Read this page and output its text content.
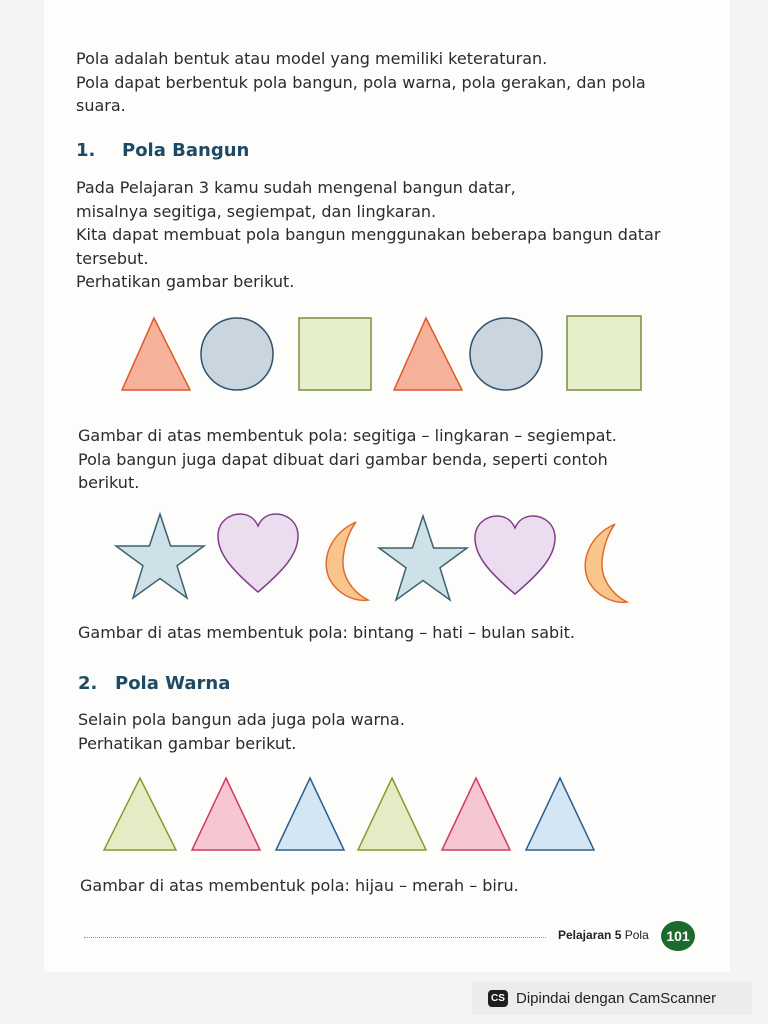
Pola adalah bentuk atau model yang memiliki keteraturan.
Pola dapat berbentuk pola bangun, pola warna, pola gerakan, dan pola
suara.

1. Pola Bangun

Pada Pelajaran 3 kamu sudah mengenal bangun datar,
misalnya segitiga, segiempat, dan lingkaran.
Kita dapat membuat pola bangun menggunakan beberapa bangun datar
tersebut.
Perhatikan gambar berikut.

Gambar di atas membentuk pola: segitiga – lingkaran – segiempat.
Pola bangun juga dapat dibuat dari gambar benda, seperti contoh
berikut.

Gambar di atas membentuk pola: bintang – hati – bulan sabit.

2. Pola Warna

Selain pola bangun ada juga pola warna.
Perhatikan gambar berikut.

Gambar di atas membentuk pola: hijau – merah – biru.

Pelajaran 5 Pola	101
CS Dipindai dengan CamScanner
